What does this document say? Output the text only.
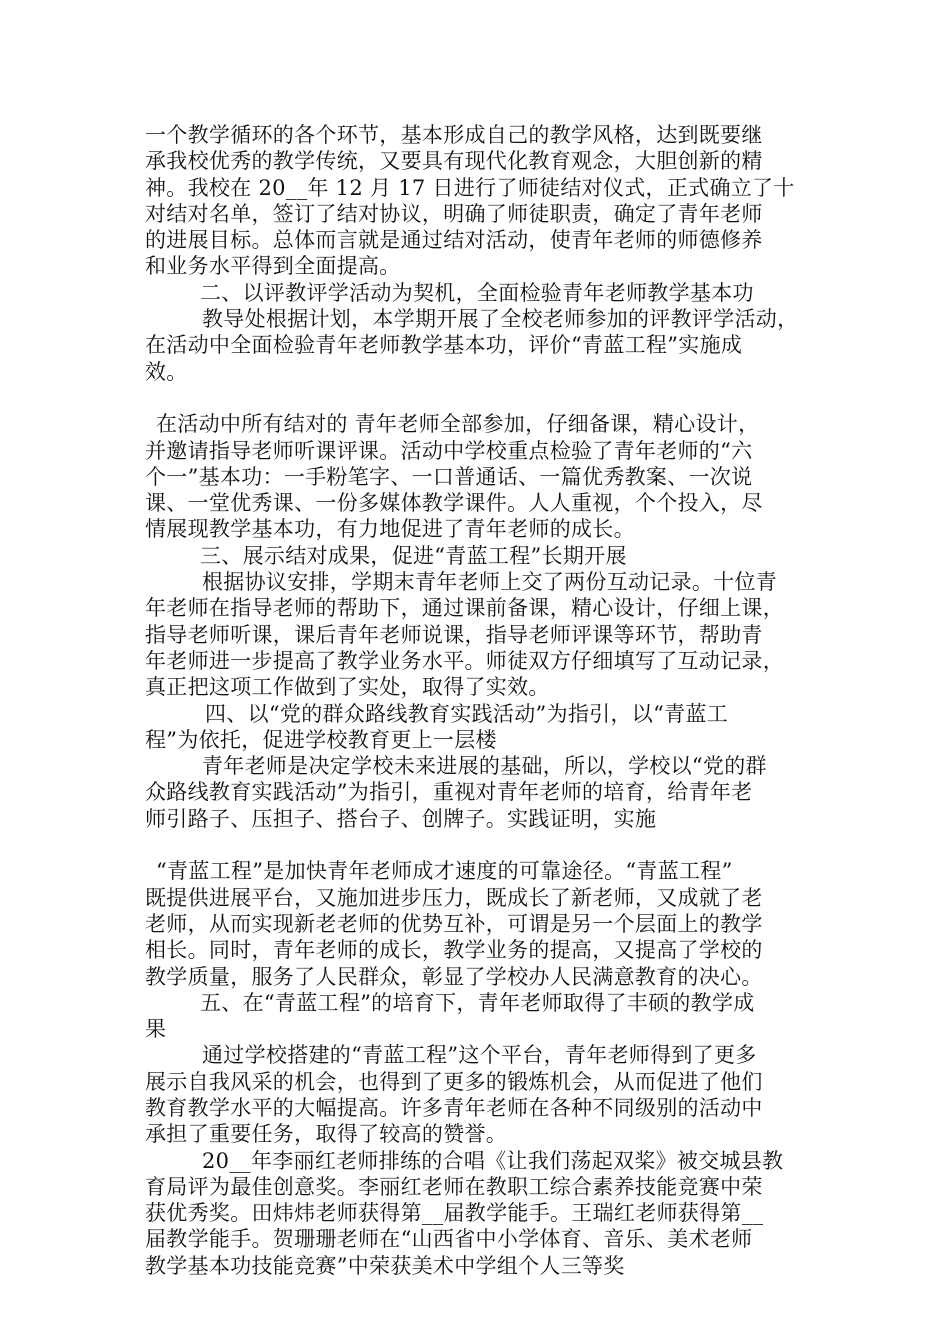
一个教学循环的各个环节，基本形成自己的教学风格，达到既要继
承我校优秀的教学传统，又要具有现代化教育观念，大胆创新的精
神。我校在 20__年 12 月 17 日进行了师徒结对仪式，正式确立了十
对结对名单，签订了结对协议，明确了师徒职责，确定了青年老师
的进展目标。总体而言就是通过结对活动，使青年老师的师德修养
和业务水平得到全面提高。
二、以评教评学活动为契机，全面检验青年老师教学基本功
教导处根据计划，本学期开展了全校老师参加的评教评学活动，
在活动中全面检验青年老师教学基本功，评价“青蓝工程”实施成
效。
在活动中所有结对的 青年老师全部参加，仔细备课，精心设计，
并邀请指导老师听课评课。活动中学校重点检验了青年老师的“六
个一”基本功：一手粉笔字、一口普通话、一篇优秀教案、一次说
课、一堂优秀课、一份多媒体教学课件。人人重视，个个投入，尽
情展现教学基本功，有力地促进了青年老师的成长。
三、展示结对成果，促进“青蓝工程”长期开展
根据协议安排，学期末青年老师上交了两份互动记录。十位青
年老师在指导老师的帮助下，通过课前备课，精心设计，仔细上课，
指导老师听课，课后青年老师说课，指导老师评课等环节，帮助青
年老师进一步提高了教学业务水平。师徒双方仔细填写了互动记录，
真正把这项工作做到了实处，取得了实效。
四、以“党的群众路线教育实践活动”为指引，以“青蓝工
程”为依托，促进学校教育更上一层楼
青年老师是决定学校未来进展的基础，所以，学校以“党的群
众路线教育实践活动”为指引，重视对青年老师的培育，给青年老
师引路子、压担子、搭台子、创牌子。实践证明，实施
“青蓝工程”是加快青年老师成才速度的可靠途径。“青蓝工程”
既提供进展平台，又施加进步压力，既成长了新老师，又成就了老
老师，从而实现新老老师的优势互补，可谓是另一个层面上的教学
相长。同时，青年老师的成长，教学业务的提高，又提高了学校的
教学质量，服务了人民群众，彰显了学校办人民满意教育的决心。
五、在“青蓝工程”的培育下，青年老师取得了丰硕的教学成
果
通过学校搭建的“青蓝工程”这个平台，青年老师得到了更多
展示自我风采的机会，也得到了更多的锻炼机会，从而促进了他们
教育教学水平的大幅提高。许多青年老师在各种不同级别的活动中
承担了重要任务，取得了较高的赞誉。
20__年李丽红老师排练的合唱《让我们荡起双桨》被交城县教
育局评为最佳创意奖。李丽红老师在教职工综合素养技能竞赛中荣
获优秀奖。田炜炜老师获得第__届教学能手。王瑞红老师获得第__
届教学能手。贺珊珊老师在“山西省中小学体育、音乐、美术老师
教学基本功技能竞赛”中荣获美术中学组个人三等奖
